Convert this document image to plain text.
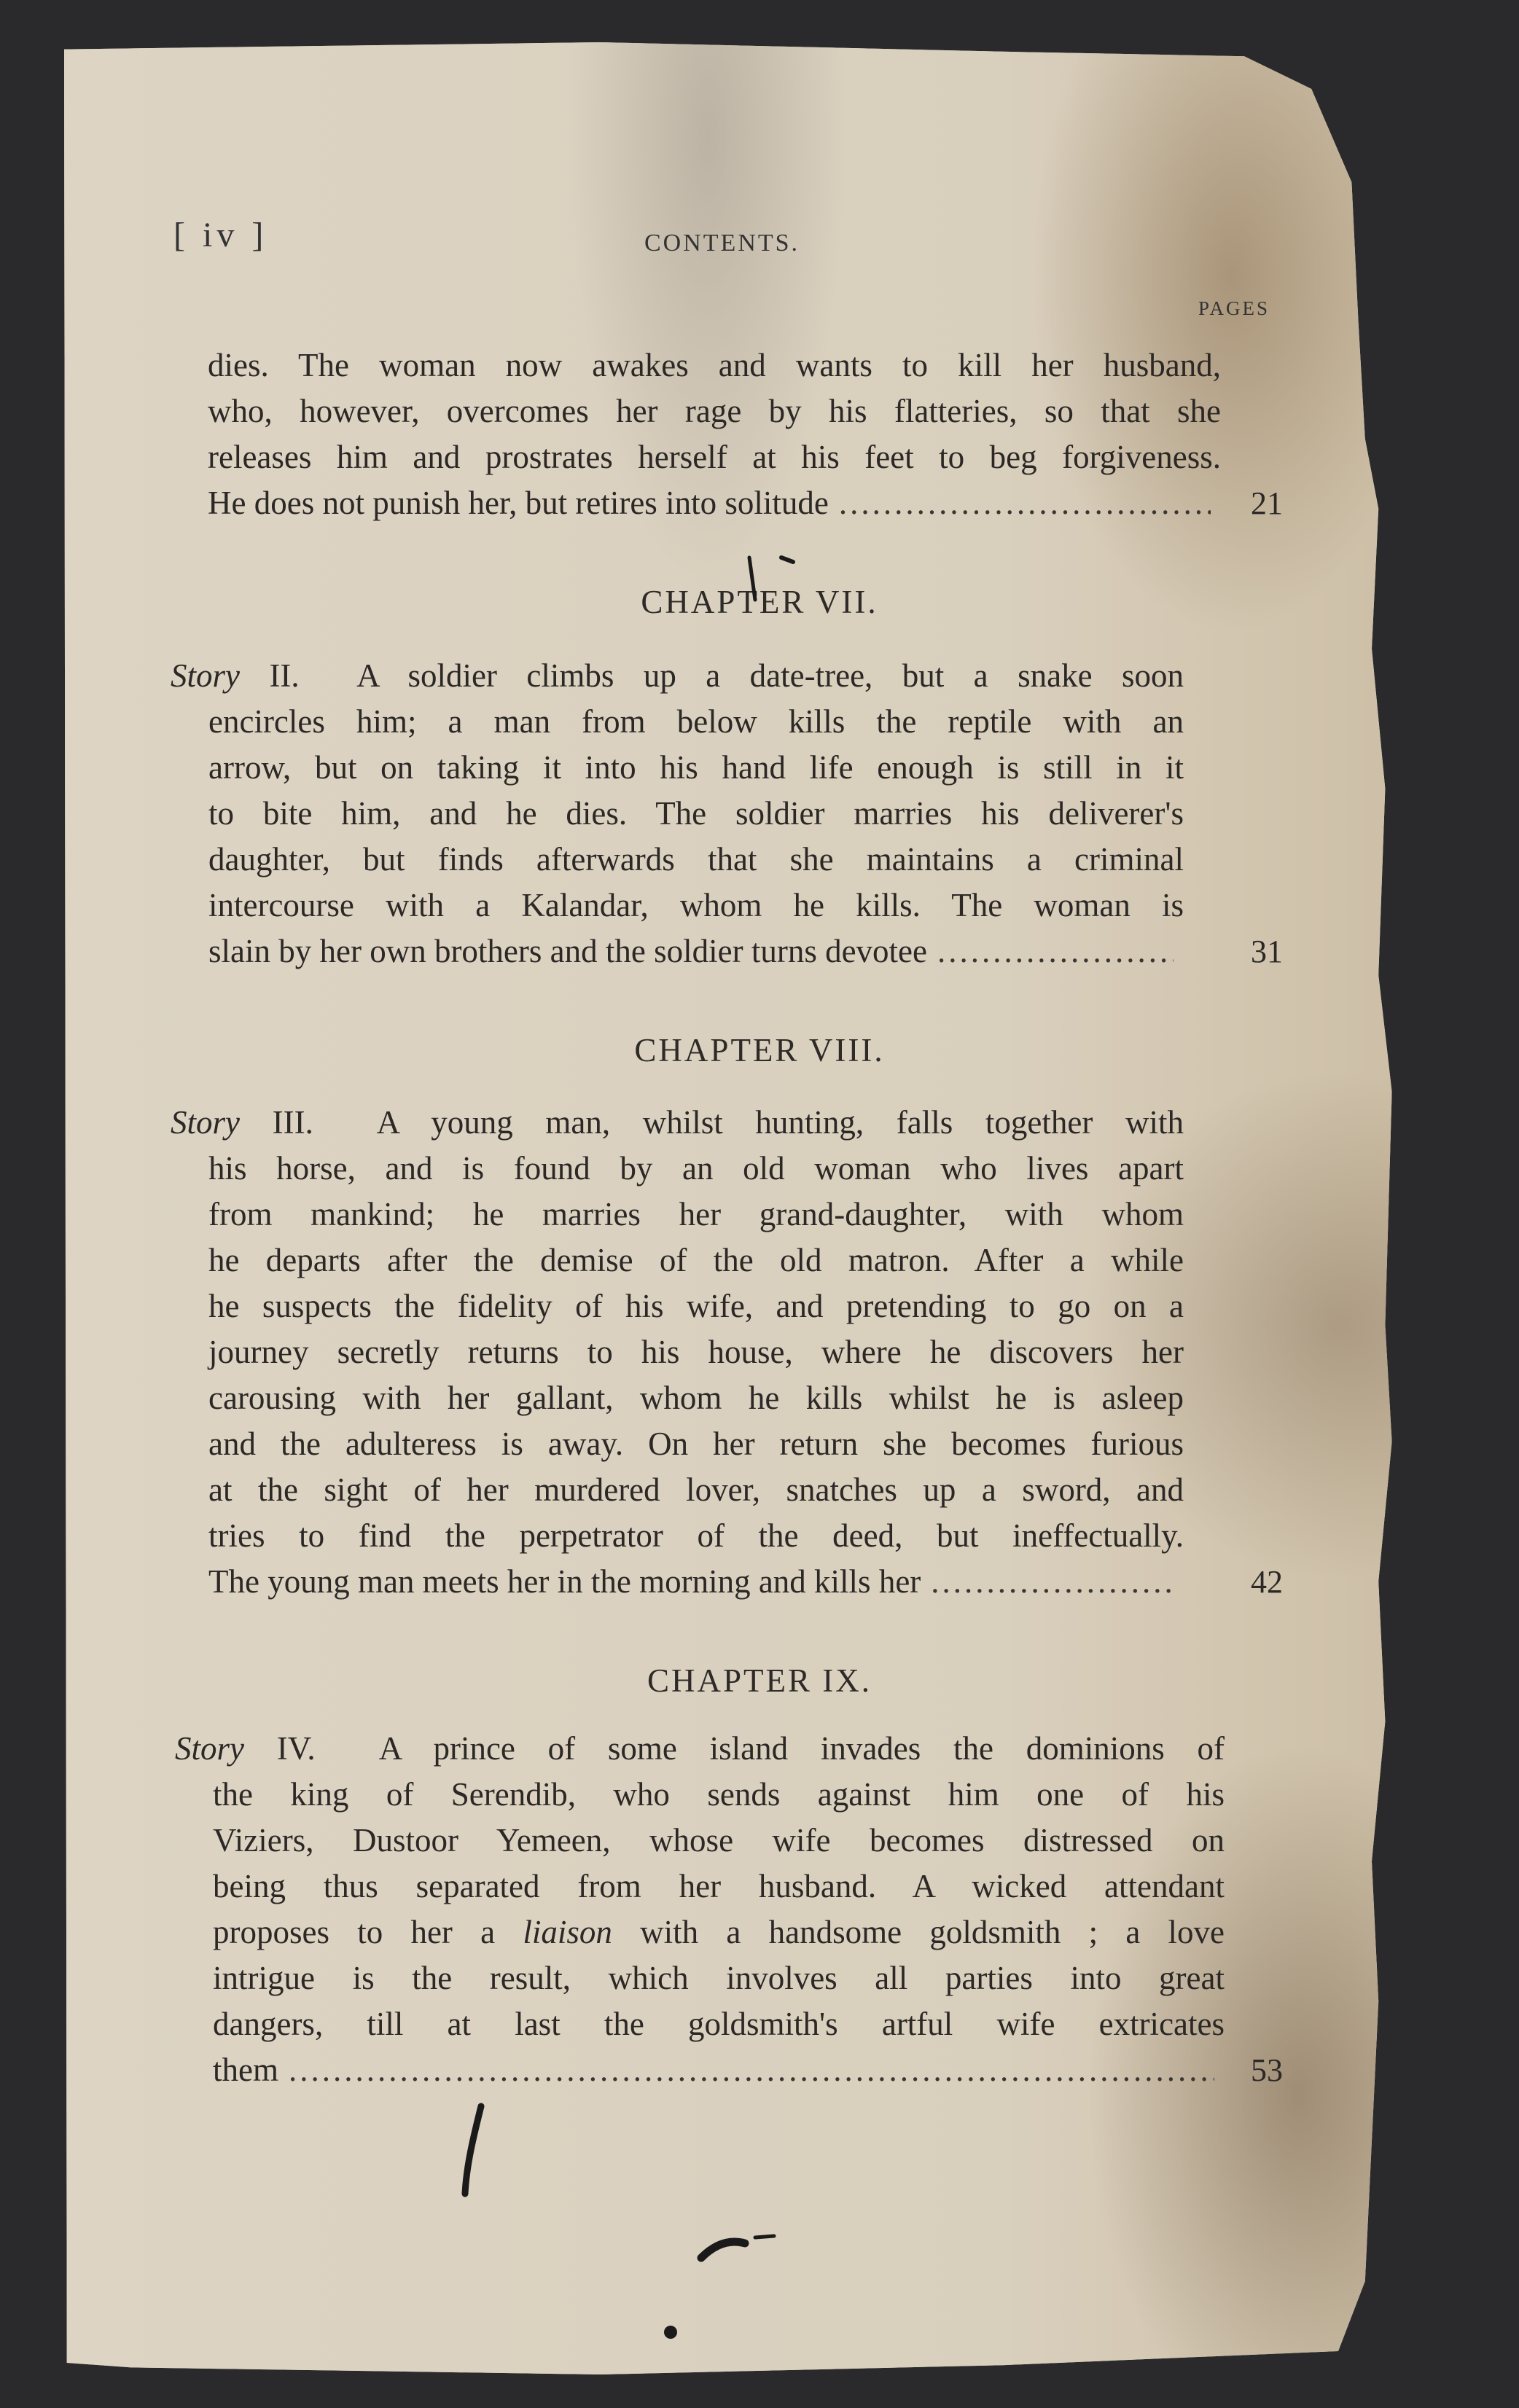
[ iv ]	CONTENTS.
PAGES
dies. The woman now awakes and wants to kill her husband,
who, however, overcomes her rage by his flatteries, so that she
releases him and prostrates herself at his feet to beg forgiveness.
He does not punish her, but retires into solitude .....	21
CHAPTER VII.
Story II. A soldier climbs up a date-tree, but a snake soon
encircles him; a man from below kills the reptile with an
arrow, but on taking it into his hand life enough is still in it
to bite him, and he dies. The soldier marries his deliverer's
daughter, but finds afterwards that she maintains a criminal
intercourse with a Kalandar, whom he kills. The woman is
slain by her own brothers and the soldier turns devotee .....	31
CHAPTER VIII.
Story III. A young man, whilst hunting, falls together with
his horse, and is found by an old woman who lives apart
from mankind; he marries her grand-daughter, with whom
he departs after the demise of the old matron. After a while
he suspects the fidelity of his wife, and pretending to go on a
journey secretly returns to his house, where he discovers her
carousing with her gallant, whom he kills whilst he is asleep
and the adulteress is away. On her return she becomes furious
at the sight of her murdered lover, snatches up a sword, and
tries to find the perpetrator of the deed, but ineffectually.
The young man meets her in the morning and kills her .....	42
CHAPTER IX.
Story IV. A prince of some island invades the dominions of
the king of Serendib, who sends against him one of his
Viziers, Dustoor Yemeen, whose wife becomes distressed on
being thus separated from her husband. A wicked attendant
proposes to her a liaison with a handsome goldsmith ; a love
intrigue is the result, which involves all parties into great
dangers, till at last the goldsmith's artful wife extricates
them .....	53
